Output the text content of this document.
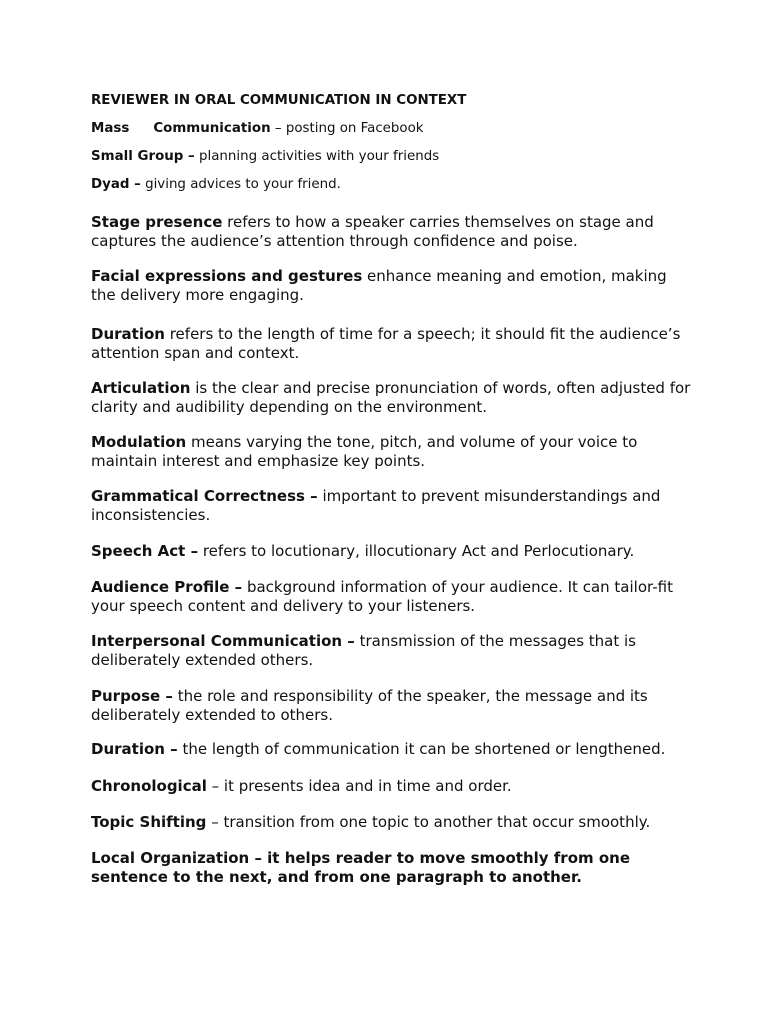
REVIEWER IN ORAL COMMUNICATION IN CONTEXT

Mass Communication – posting on Facebook

Small Group – planning activities with your friends

Dyad – giving advices to your friend.

Stage presence refers to how a speaker carries themselves on stage and captures the audience’s attention through confidence and poise.

Facial expressions and gestures enhance meaning and emotion, making the delivery more engaging.

Duration refers to the length of time for a speech; it should fit the audience’s attention span and context.

Articulation is the clear and precise pronunciation of words, often adjusted for clarity and audibility depending on the environment.

Modulation means varying the tone, pitch, and volume of your voice to maintain interest and emphasize key points.

Grammatical Correctness – important to prevent misunderstandings and inconsistencies.

Speech Act – refers to locutionary, illocutionary Act and Perlocutionary.

Audience Profile – background information of your audience. It can tailor-fit your speech content and delivery to your listeners.

Interpersonal Communication – transmission of the messages that is deliberately extended others.

Purpose – the role and responsibility of the speaker, the message and its deliberately extended to others.

Duration – the length of communication it can be shortened or lengthened.

Chronological – it presents idea and in time and order.

Topic Shifting – transition from one topic to another that occur smoothly.

Local Organization – it helps reader to move smoothly from one sentence to the next, and from one paragraph to another.
